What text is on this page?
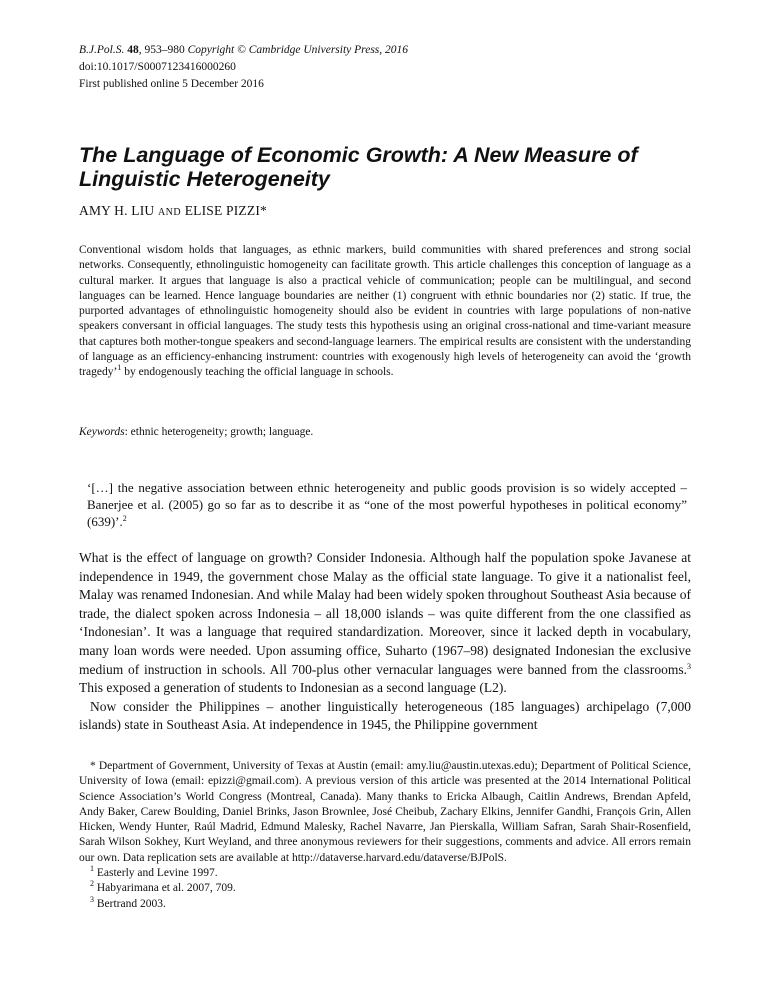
B.J.Pol.S. 48, 953–980 Copyright © Cambridge University Press, 2016
doi:10.1017/S0007123416000260
First published online 5 December 2016
The Language of Economic Growth: A New Measure of Linguistic Heterogeneity
AMY H. LIU AND ELISE PIZZI*

Conventional wisdom holds that languages, as ethnic markers, build communities with shared preferences and strong social networks. Consequently, ethnolinguistic homogeneity can facilitate growth. This article challenges this conception of language as a cultural marker. It argues that language is also a practical vehicle of communication; people can be multilingual, and second languages can be learned. Hence language boundaries are neither (1) congruent with ethnic boundaries nor (2) static. If true, the purported advantages of ethnolinguistic homogeneity should also be evident in countries with large populations of non-native speakers conversant in official languages. The study tests this hypothesis using an original cross-national and time-variant measure that captures both mother-tongue speakers and second-language learners. The empirical results are consistent with the understanding of language as an efficiency-enhancing instrument: countries with exogenously high levels of heterogeneity can avoid the ‘growth tragedy’$^1$ by endogenously teaching the official language in schools.

Keywords: ethnic heterogeneity; growth; language.

‘[…] the negative association between ethnic heterogeneity and public goods provision is so widely accepted – Banerjee et al. (2005) go so far as to describe it as “one of the most powerful hypotheses in political economy” (639)’.$^2$

What is the effect of language on growth? Consider Indonesia. Although half the population spoke Javanese at independence in 1949, the government chose Malay as the official state language. To give it a nationalist feel, Malay was renamed Indonesian. And while Malay had been widely spoken throughout Southeast Asia because of trade, the dialect spoken across Indonesia – all 18,000 islands – was quite different from the one classified as ‘Indonesian’. It was a language that required standardization. Moreover, since it lacked depth in vocabulary, many loan words were needed. Upon assuming office, Suharto (1967–98) designated Indonesian the exclusive medium of instruction in schools. All 700-plus other vernacular languages were banned from the classrooms.$^3$ This exposed a generation of students to Indonesian as a second language (L2).

Now consider the Philippines – another linguistically heterogeneous (185 languages) archipelago (7,000 islands) state in Southeast Asia. At independence in 1945, the Philippine government

* Department of Government, University of Texas at Austin (email: amy.liu@austin.utexas.edu); Department of Political Science, University of Iowa (email: epizzi@gmail.com). A previous version of this article was presented at the 2014 International Political Science Association’s World Congress (Montreal, Canada). Many thanks to Ericka Albaugh, Caitlin Andrews, Brendan Apfeld, Andy Baker, Carew Boulding, Daniel Brinks, Jason Brownlee, José Cheibub, Zachary Elkins, Jennifer Gandhi, François Grin, Allen Hicken, Wendy Hunter, Raúl Madrid, Edmund Malesky, Rachel Navarre, Jan Pierskalla, William Safran, Sarah Shair-Rosenfield, Sarah Wilson Sokhey, Kurt Weyland, and three anonymous reviewers for their suggestions, comments and advice. All errors remain our own. Data replication sets are available at http://dataverse.harvard.edu/dataverse/BJPolS.

$^1$ Easterly and Levine 1997.

$^2$ Habyarimana et al. 2007, 709.

$^3$ Bertrand 2003.
